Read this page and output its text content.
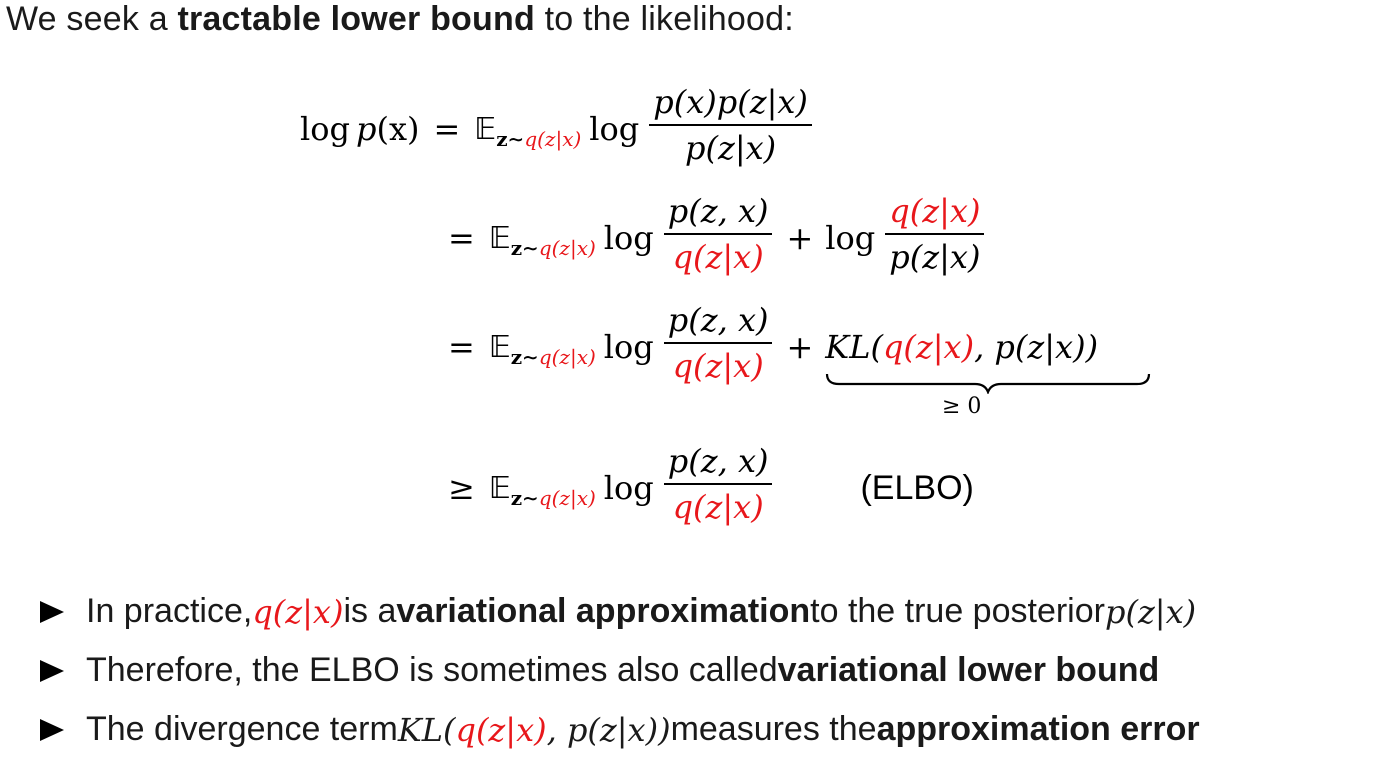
We seek a tractable lower bound to the likelihood:
log p (x) = 𝔼 z∼q(z|x) $\log \frac{p(x)p(z|x)}{p(z|x)}$
= 𝔼 z∼q(z|x) $\log \frac{p(z, x)}{q(z|x)} + \log \frac{q(z|x)}{p(z|x)}$
= 𝔼 z∼q(z|x) $\log \frac{p(z, x)}{q(z|x)} + KL(q(z|x)$, p(z|x))
≥ 0
≥ 𝔼 z∼q(z|x) $\log \frac{p(z, x)}{q(z|x)}$	(ELBO)
In practice, q(z|x) is a variational approximation to the true posterior p(z|x)
Therefore, the ELBO is sometimes also called variational lower bound
The divergence term KL( q(z|x) , p(z|x)) measures the approximation error
